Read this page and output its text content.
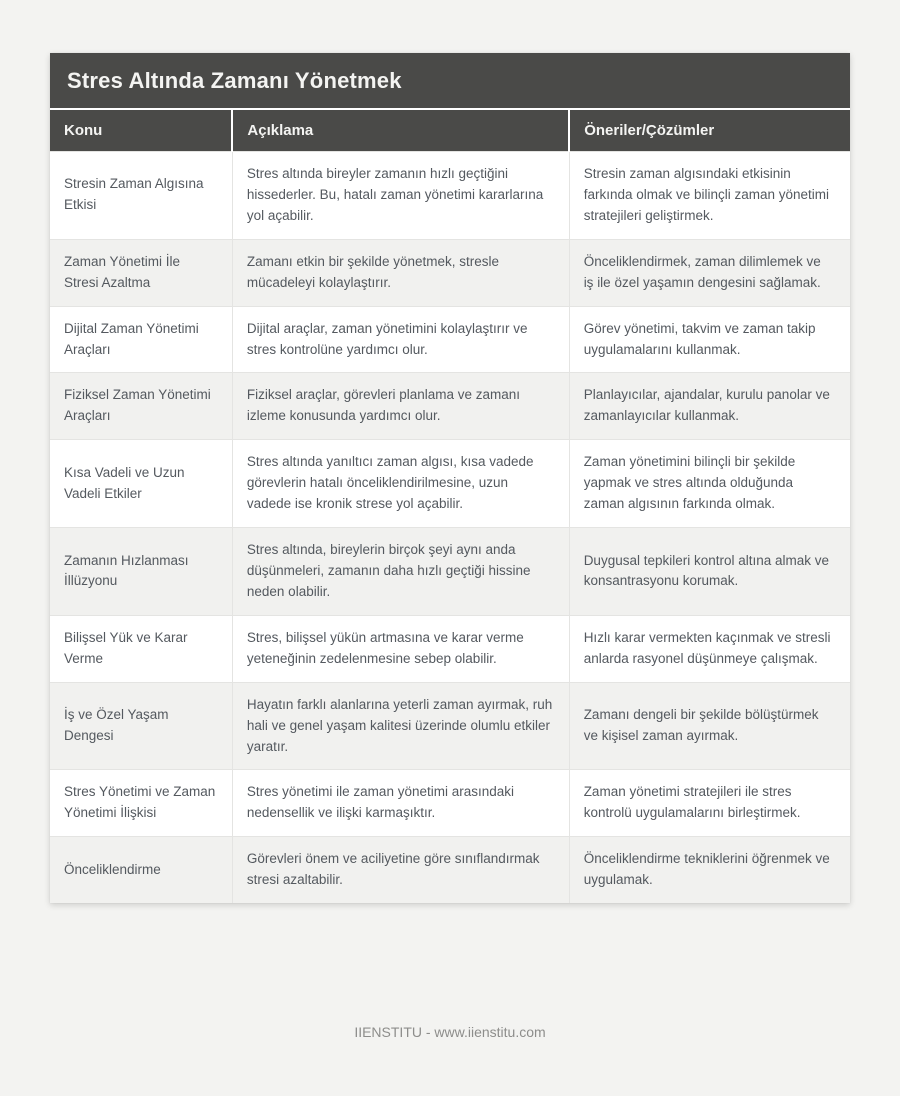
Stres Altında Zamanı Yönetmek
Konu	Açıklama	Öneriler/Çözümler
Stresin Zaman Algısına Etkisi	Stres altında bireyler zamanın hızlı geçtiğini hissederler. Bu, hatalı zaman yönetimi kararlarına yol açabilir.	Stresin zaman algısındaki etkisinin farkında olmak ve bilinçli zaman yönetimi stratejileri geliştirmek.
Zaman Yönetimi İle Stresi Azaltma	Zamanı etkin bir şekilde yönetmek, stresle mücadeleyi kolaylaştırır.	Önceliklendirmek, zaman dilimlemek ve iş ile özel yaşamın dengesini sağlamak.
Dijital Zaman Yönetimi Araçları	Dijital araçlar, zaman yönetimini kolaylaştırır ve stres kontrolüne yardımcı olur.	Görev yönetimi, takvim ve zaman takip uygulamalarını kullanmak.
Fiziksel Zaman Yönetimi Araçları	Fiziksel araçlar, görevleri planlama ve zamanı izleme konusunda yardımcı olur.	Planlayıcılar, ajandalar, kurulu panolar ve zamanlayıcılar kullanmak.
Kısa Vadeli ve Uzun Vadeli Etkiler	Stres altında yanıltıcı zaman algısı, kısa vadede görevlerin hatalı önceliklendirilmesine, uzun vadede ise kronik strese yol açabilir.	Zaman yönetimini bilinçli bir şekilde yapmak ve stres altında olduğunda zaman algısının farkında olmak.
Zamanın Hızlanması İllüzyonu	Stres altında, bireylerin birçok şeyi aynı anda düşünmeleri, zamanın daha hızlı geçtiği hissine neden olabilir.	Duygusal tepkileri kontrol altına almak ve konsantrasyonu korumak.
Bilişsel Yük ve Karar Verme	Stres, bilişsel yükün artmasına ve karar verme yeteneğinin zedelenmesine sebep olabilir.	Hızlı karar vermekten kaçınmak ve stresli anlarda rasyonel düşünmeye çalışmak.
İş ve Özel Yaşam Dengesi	Hayatın farklı alanlarına yeterli zaman ayırmak, ruh hali ve genel yaşam kalitesi üzerinde olumlu etkiler yaratır.	Zamanı dengeli bir şekilde bölüştürmek ve kişisel zaman ayırmak.
Stres Yönetimi ve Zaman Yönetimi İlişkisi	Stres yönetimi ile zaman yönetimi arasındaki nedensellik ve ilişki karmaşıktır.	Zaman yönetimi stratejileri ile stres kontrolü uygulamalarını birleştirmek.
Önceliklendirme	Görevleri önem ve aciliyetine göre sınıflandırmak stresi azaltabilir.	Önceliklendirme tekniklerini öğrenmek ve uygulamak.
IIENSTITU - www.iienstitu.com
